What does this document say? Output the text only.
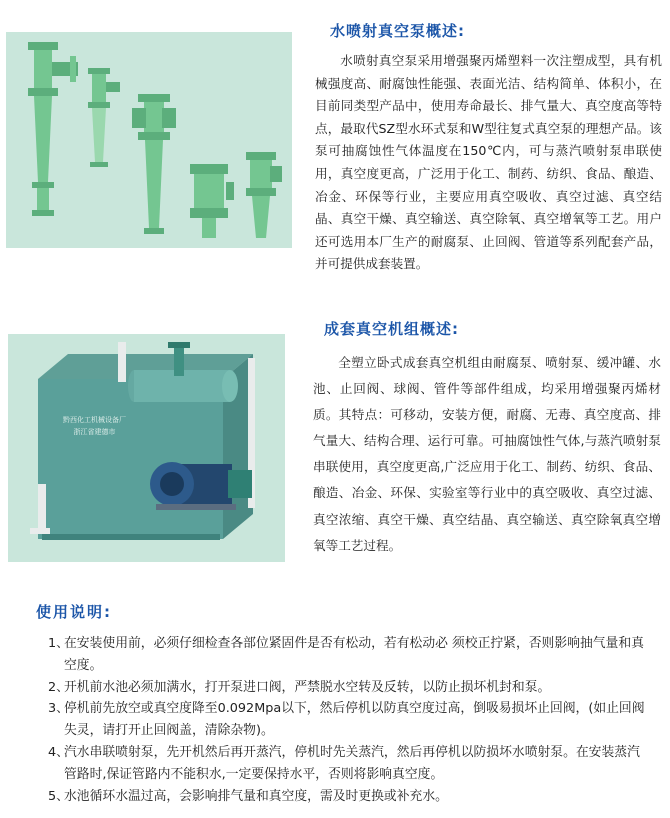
水喷射真空泵概述:

水喷射真空泵采用增强聚丙烯塑料一次注塑成型，具有机械强度高、耐腐蚀性能强、表面光洁、结构简单、体积小，在目前同类型产品中，使用寿命最长、排气量大、真空度高等特点，最取代SZ型水环式泵和W型往复式真空泵的理想产品。该泵可抽腐蚀性气体温度在150℃内，可与蒸汽喷射泵串联使用，真空度更高，广泛用于化工、制药、纺织、食品、酿造、冶金、环保等行业，主要应用真空吸收、真空过滤、真空结晶、真空干燥、真空输送、真空除氧、真空增氧等工艺。用户还可选用本厂生产的耐腐泵、止回阀、管道等系列配套产品，并可提供成套装置。

黔西化工机械设备厂
浙江省建德市
成套真空机组概述:

全塑立卧式成套真空机组由耐腐泵、喷射泵、缓冲罐、水池、止回阀、球阀、管件等部件组成，均采用增强聚丙烯材质。其特点：可移动，安装方便，耐腐、无毒、真空度高、排气量大、结构合理、运行可靠。可抽腐蚀性气体,与蒸汽喷射泵串联使用，真空度更高,广泛应用于化工、制药、纺织、食品、酿造、冶金、环保、实验室等行业中的真空吸收、真空过滤、真空浓缩、真空干燥、真空结晶、真空输送、真空除氧真空增氧等工艺过程。

使用说明:
1、
在安装使用前，必须仔细检查各部位紧固件是否有松动，若有松动必 须校正拧紧，否则影响抽气量和真空度。
2、
开机前水池必须加满水，打开泵进口阀，严禁脱水空转及反转，以防止损坏机封和泵。
3、
停机前先放空或真空度降至0.092Mpa以下，然后停机以防真空度过高，倒吸易损坏止回阀，(如止回阀失灵，请打开止回阀盖，清除杂物)。
4、
汽水串联喷射泵，先开机然后再开蒸汽，停机时先关蒸汽，然后再停机以防损坏水喷射泵。在安装蒸汽管路时,保证管路内不能积水,一定要保持水平，否则将影响真空度。
5、
水池循环水温过高，会影响排气量和真空度，需及时更换或补充水。
